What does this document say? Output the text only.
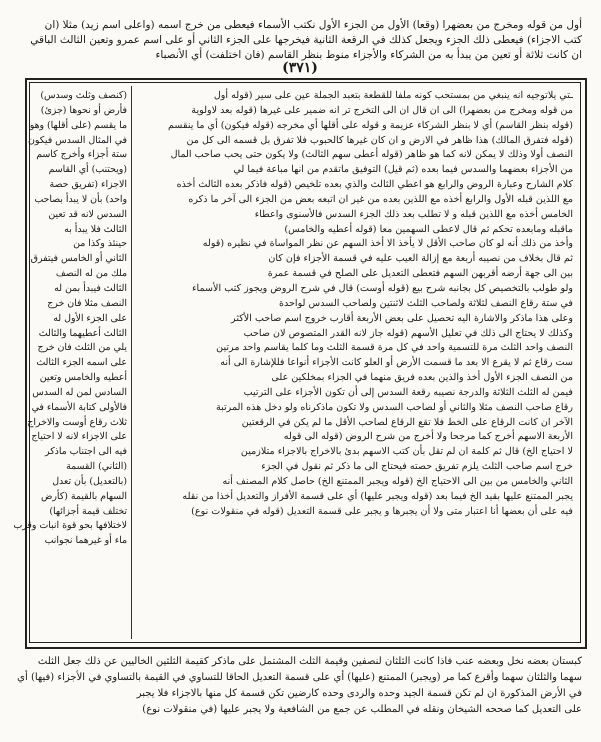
أول من قوله ومخرج من بعضهرا (وقعا) الأول من الجزء الأول نكتب الأسماء فيعطى من خرج اسمه (واعلى اسم زيد) مثلا (ان
كتب الاجزاء) فيعطى ذلك الجزء ويجعل كذلك في الرقعة الثانية فيخرجها على الجزء الثاني أو على اسم عمرو وتعين الثالث الباقي
ان كانت ثلاثة أو تعين من يبدأ به من الشركاء والأجزاء منوط بنظر القاسم (فان اختلفت) أي الأنصباء
(٣٧١)
ـتي يلاتوجيه انه ينبغي من بمستحب كونه ملفا للقطعة بتعبد الجملة عين على سير (قوله أول
من قوله ومخرج من بعضهرا) الى ان قال ان الى التخرج تر انه ضمير على غيرها (قوله بعد لاولوية
(قوله بنظر القاسم) أي لا بنظر الشركاء عزيمة و قوله على أقلها أي مخرجه (قوله فيكون) أي ما ينقسم
(قوله فتفرق المالك) هذا ظاهر في الارض و ان كان غيرها كالحبوب فلا تفرق بل قسمه الى كل من
النصف أولا وذلك لا يمكن لانه كما هو ظاهر (قوله أعطى سهم الثالث) ولا يكون حتى يحب صاحب المال
من الأجزاء بعضهما والسدس فيما بعده (ثم قيل) التوفيق ماتقدم من انها مباعة فيما لي
كلام الشارح وعبارة الروض والرابع هو اعطي الثالث والذي بعده تلخيص (قوله فاذكر بعده الثالث أخذه
مع اللذين قبله الأول والرابع أخذه مع اللذين بعده من غير ان اتبعه بعض من الجزء الى آخر ما ذكره
الخامس أخذه مع اللذين قبله و لا تطلب بعد ذلك الجزء السدس فالأسنوى واعطاء
ماقبله ومابعده تحكم ثم قال لاعطى السهمين معا (قوله أعطيه والخامس)
وأخذ من ذلك أنه لو كان صاحب الأقل لا يأخذ الا أخذ السهم عن نظر المواساة في نظيره (قوله
ثم قال بخلاف من نصيبه أربعة مع إزالة العيب عليه في قسمة الأجزاء فإن كان
بين الى جهة أرضه أقربهن السهم فتعطى التعديل على الصلح في قسمة عمرة
ولو طولب بالتخصيص كل بجانبه شرح بيع (قوله أوست) قال في شرح الروض ويجوز كتب الأسماء
في ستة رقاع النصف لثلاثة ولصاحب الثلث لاثنتين ولصاحب السدس لواحدة
وعلى هذا ماذكر والاشارة اليه تحصيل على بعض الأربعة أقارب خروج اسم صاحب الأكثر
وكذلك لا يحتاج الى ذلك في تعليل الأسهم (قوله جاز لانه القدر المتصوص لان صاحب
النصف واحد الثلث مرة للتسمية واحد في كل مرة قسمة الثلث وما كلما يقاسم واحد مرتين
ست رقاع ثم لا يقرع الا بعد ما قسمت الأرض أو العلو كانت الأجزاء أنواعا فللإشارة الى أنه
من النصف الجزء الأول أخذ والذين بعده فريق منهما في الجزاء بمخلكين على
فيمن له الثلث الثلاثة والدرجة نصيبه رقعة السدس إلى أن تكون الأجزاء على الترتيب
رقاع صاحب النصف مثلا والثاني أو لصاحب السدس ولا تكون ماذكرناه ولو دخل هذه المرتبة
الآخر ان كانت الرقاع على الخط فلا تقع الرقاع لصاحب الأقل ما لم يكن في الرقعتين
الأربعة الاسهم أخرج كما مرجحا ولا أخرج من شرح الروض (قوله الى قوله
لا احتياج الخ) قال ثم كلمة ان لم تقل بأن كتب الاسهم بدئ بالاخراج بالاجزاء متلازمين
خرج اسم صاحب الثلث يلزم تفريق حصته فيحتاج الى ما ذكر ثم نقول في الجزء
الثاني والخامس من بين الى الاحتياج الخ (قوله ويجبر الممتنع الخ) حاصل كلام المصنف أنه
يجبر الممتنع عليها بقيد الخ فيما بعد (قوله ويجبر عليها) أي على قسمة الأفراز والتعديل أخذا من نقله
فيه على أن بعضها أنا اعتبار متى ولا أن يجبرها و يجبر على قسمة التعديل (قوله في منقولات نوع)
(كنصف وثلث وسدس)
فأرض أو نحوها (جزئ)
ما يقسم (على أقلها) وهو
في المثال السدس فيكون
ستة أجزاء وأخرج كاسم
(ويحتنب) أي القاسم
الاجزاء (تفريق حصة
واحد) بأن لا يبدأ بصاحب
السدس لانه قد تعين
الثالث فلا يبدأ به
حينئذ وكذا من
الثاني أو الخامس فيتفرق
ملك من له النصف
الثالث فيبدأ بمن له
النصف مثلا فان خرج
على الجزء الأول له
الثالث أعطيهما والثالث
يلي من الثلث فان خرج
على اسمه الجزء الثالث
أعطيه والخامس وتعين
السادس لمن له السدس
فالأولى كتابة الأسماء في
ثلاث رقاع أوست والاخراج
على الاجزاء لانه لا احتياج
فيه الى اجتناب ماذكر
(الثاني) القسمة
(بالتعديل) بأن تعدل
السهام بالقيمة (كأرض
تختلف قيمة أجزائها)
لاختلافها بحو قوة انبات وقرب
ماء أو غيرهما نجوانب
كبستان بعضه نخل وبعضه عنب فاذا كانت الثلثان لنصفين وقيمة الثلث المشتمل على ماذكر كقيمة الثلثين الخاليين عن ذلك جعل الثلث
سهما والثلثان سهما وأقرع كما مر (ويجبر) الممتنع (عليها) أي على قسمة التعديل الحاقا للتساوي في القيمة بالتساوي في الأجزاء (فيها) أي
في الأرض المذكورة ان لم تكن قسمة الجيد وحده والردى وحده كارضين تكن قسمة كل منها بالاجزاء فلا يجبر
على التعديل كما صححه الشيخان ونقله في المطلب عن جمع من الشافعية ولا يجبر عليها (في منقولات نوع)
